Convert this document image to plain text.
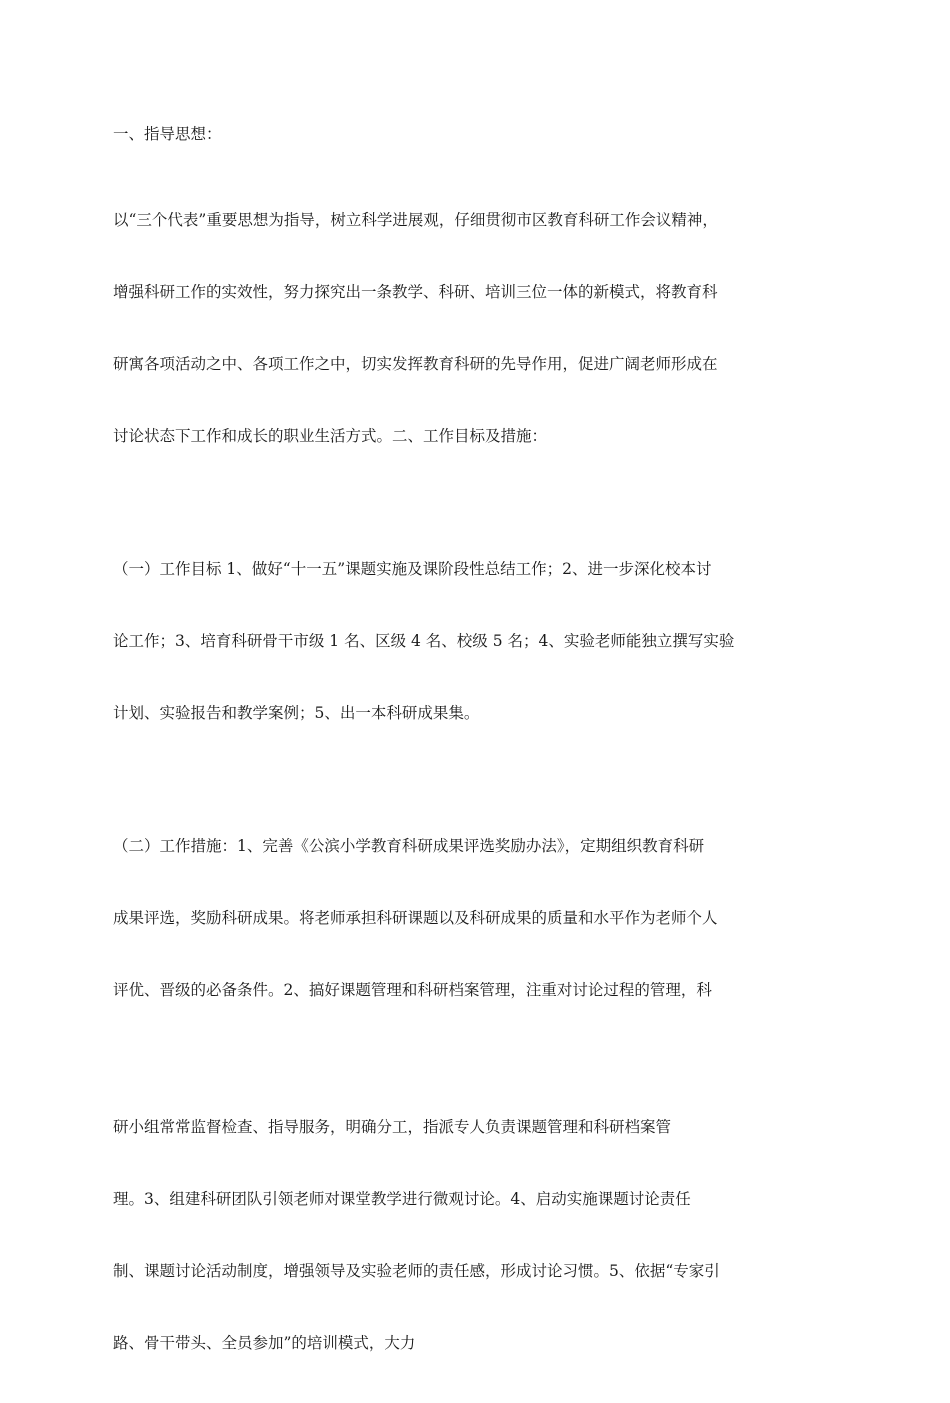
一、指导思想：

以“三个代表”重要思想为指导，树立科学进展观，仔细贯彻市区教育科研工作会议精神，

增强科研工作的实效性，努力探究出一条教学、科研、培训三位一体的新模式，将教育科

研寓各项活动之中、各项工作之中，切实发挥教育科研的先导作用，促进广阔老师形成在

讨论状态下工作和成长的职业生活方式。二、工作目标及措施：

（一）工作目标 1、做好“十一五”课题实施及课阶段性总结工作；2、进一步深化校本讨

论工作；3、培育科研骨干市级 1 名、区级 4 名、校级 5 名；4、实验老师能独立撰写实验

计划、实验报告和教学案例；5、出一本科研成果集。

（二）工作措施：1、完善《公滨小学教育科研成果评选奖励办法》，定期组织教育科研

成果评选，奖励科研成果。将老师承担科研课题以及科研成果的质量和水平作为老师个人

评优、晋级的必备条件。2、搞好课题管理和科研档案管理，注重对讨论过程的管理，科

研小组常常监督检查、指导服务，明确分工，指派专人负责课题管理和科研档案管

理。3、组建科研团队引领老师对课堂教学进行微观讨论。4、启动实施课题讨论责任

制、课题讨论活动制度，增强领导及实验老师的责任感，形成讨论习惯。5、依据“专家引

路、骨干带头、全员参加”的培训模式，大力
